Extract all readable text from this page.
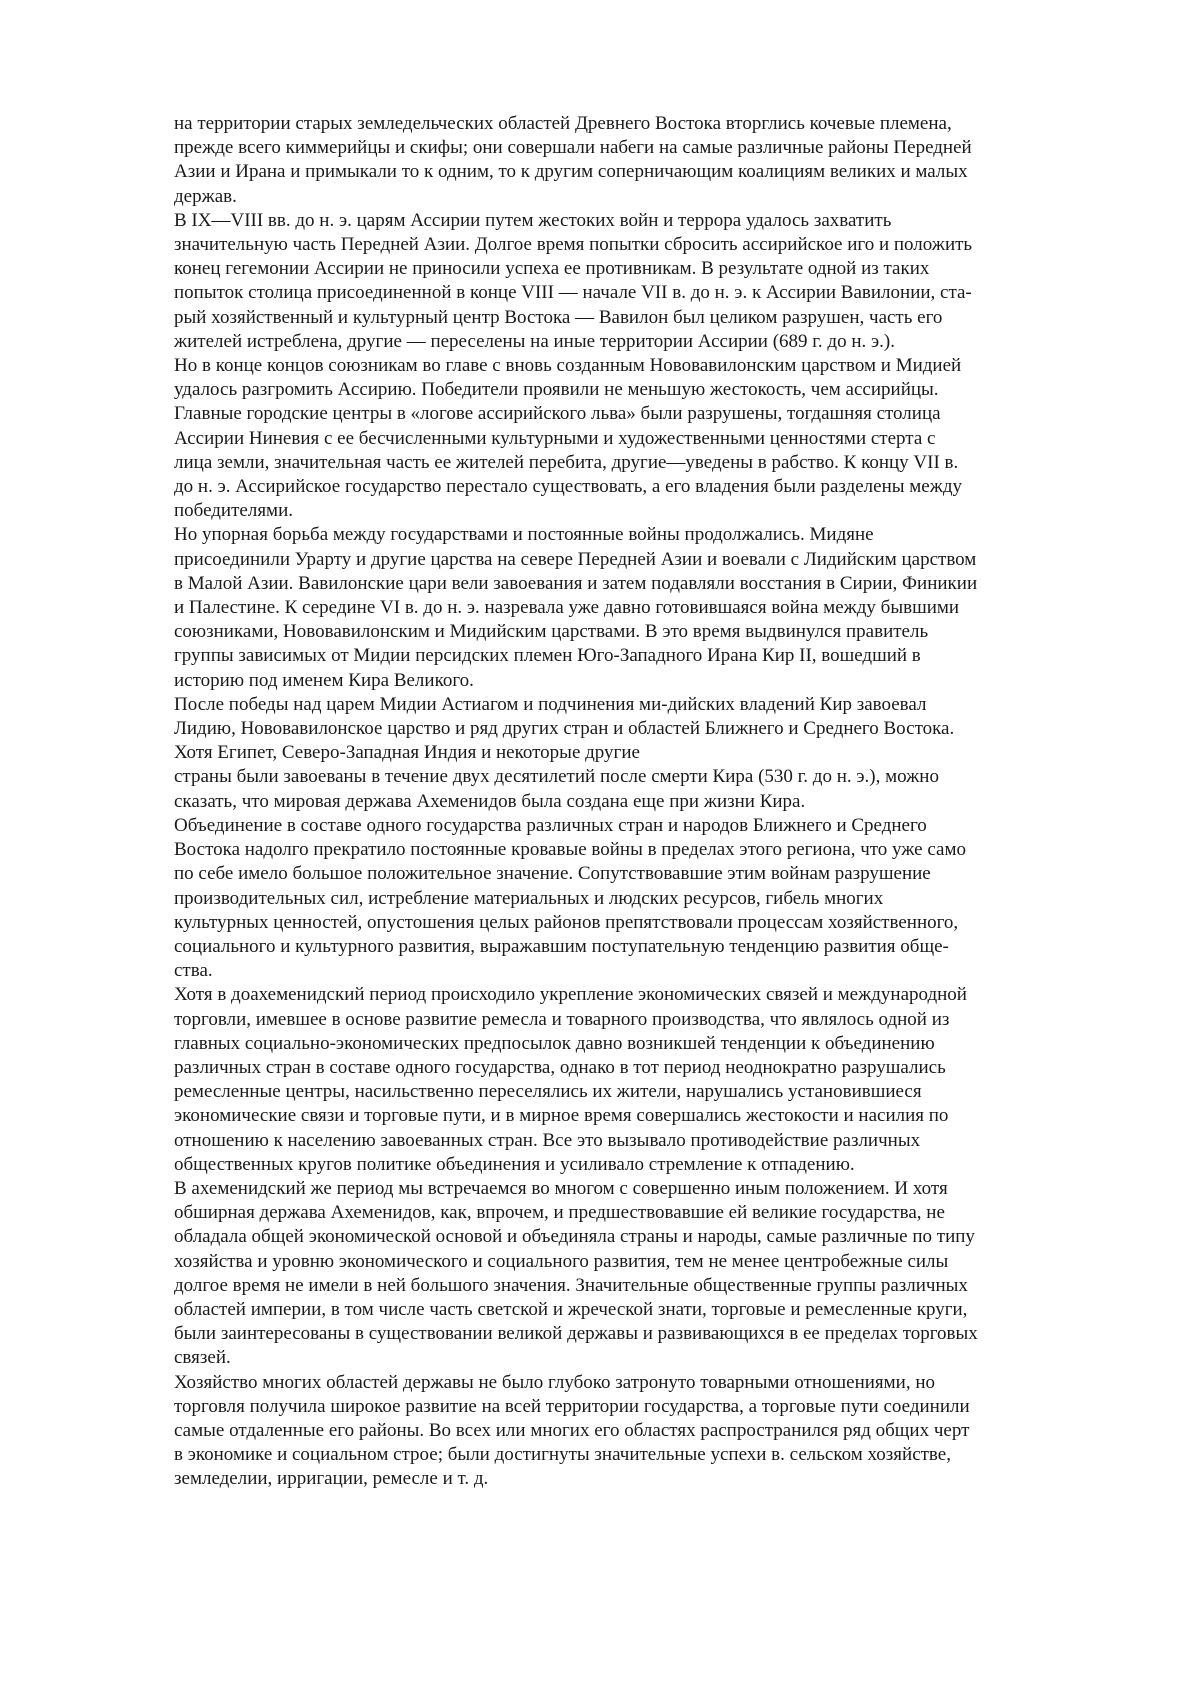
на территории старых земледельческих областей Древнего Востока вторглись кочевые племена,
прежде всего киммерийцы и скифы; они совершали набеги на самые различные районы Передней
Азии и Ирана и примыкали то к одним, то к другим соперничающим коалициям великих и малых
держав.

В IX—VIII вв. до н. э. царям Ассирии путем жестоких войн и террора удалось захватить
значительную часть Передней Азии. Долгое время попытки сбросить ассирийское иго и положить
конец гегемонии Ассирии не приносили успеха ее противникам. В результате одной из таких
попыток столица присоединенной в конце VIII — начале VII в. до н. э. к Ассирии Вавилонии, ста-
рый хозяйственный и культурный центр Востока — Вавилон был целиком разрушен, часть его
жителей истреблена, другие — переселены на иные территории Ассирии (689 г. до н. э.).

Но в конце концов союзникам во главе с вновь созданным Нововавилонским царством и Мидией
удалось разгромить Ассирию. Победители проявили не меньшую жестокость, чем ассирийцы.
Главные городские центры в «логове ассирийского льва» были разрушены, тогдашняя столица
Ассирии Ниневия с ее бесчисленными культурными и художественными ценностями стерта с
лица земли, значительная часть ее жителей перебита, другие—уведены в рабство. К концу VII в.
до н. э. Ассирийское государство перестало существовать, а его владения были разделены между
победителями.

Но упорная борьба между государствами и постоянные войны продолжались. Мидяне
присоединили Урарту и другие царства на севере Передней Азии и воевали с Лидийским царством
в Малой Азии. Вавилонские цари вели завоевания и затем подавляли восстания в Сирии, Финикии
и Палестине. К середине VI в. до н. э. назревала уже давно готовившаяся война между бывшими
союзниками, Нововавилонским и Мидийским царствами. В это время выдвинулся правитель
группы зависимых от Мидии персидских племен Юго-Западного Ирана Кир II, вошедший в
историю под именем Кира Великого.

После победы над царем Мидии Астиагом и подчинения ми-дийских владений Кир завоевал
Лидию, Нововавилонское царство и ряд других стран и областей Ближнего и Среднего Востока.
Хотя Египет, Северо-Западная Индия и некоторые другие
страны были завоеваны в течение двух десятилетий после смерти Кира (530 г. до н. э.), можно
сказать, что мировая держава Ахеменидов была создана еще при жизни Кира.

Объединение в составе одного государства различных стран и народов Ближнего и Среднего
Востока надолго прекратило постоянные кровавые войны в пределах этого региона, что уже само
по себе имело большое положительное значение. Сопутствовавшие этим войнам разрушение
производительных сил, истребление материальных и людских ресурсов, гибель многих
культурных ценностей, опустошения целых районов препятствовали процессам хозяйственного,
социального и культурного развития, выражавшим поступательную тенденцию развития обще-
ства.

Хотя в доахеменидский период происходило укрепление экономических связей и международной
торговли, имевшее в основе развитие ремесла и товарного производства, что являлось одной из
главных социально-экономических предпосылок давно возникшей тенденции к объединению
различных стран в составе одного государства, однако в тот период неоднократно разрушались
ремесленные центры, насильственно переселялись их жители, нарушались установившиеся
экономические связи и торговые пути, и в мирное время совершались жестокости и насилия по
отношению к населению завоеванных стран. Все это вызывало противодействие различных
общественных кругов политике объединения и усиливало стремление к отпадению.

В ахеменидский же период мы встречаемся во многом с совершенно иным положением. И хотя
обширная держава Ахеменидов, как, впрочем, и предшествовавшие ей великие государства, не
обладала общей экономической основой и объединяла страны и народы, самые различные по типу
хозяйства и уровню экономического и социального развития, тем не менее центробежные силы
долгое время не имели в ней большого значения. Значительные общественные группы различных
областей империи, в том числе часть светской и жреческой знати, торговые и ремесленные круги,
были заинтересованы в существовании великой державы и развивающихся в ее пределах торговых
связей.

Хозяйство многих областей державы не было глубоко затронуто товарными отношениями, но
торговля получила широкое развитие на всей территории государства, а торговые пути соединили
самые отдаленные его районы. Во всех или многих его областях распространился ряд общих черт
в экономике и социальном строе; были достигнуты значительные успехи в. сельском хозяйстве,
земледелии, ирригации, ремесле и т. д.
